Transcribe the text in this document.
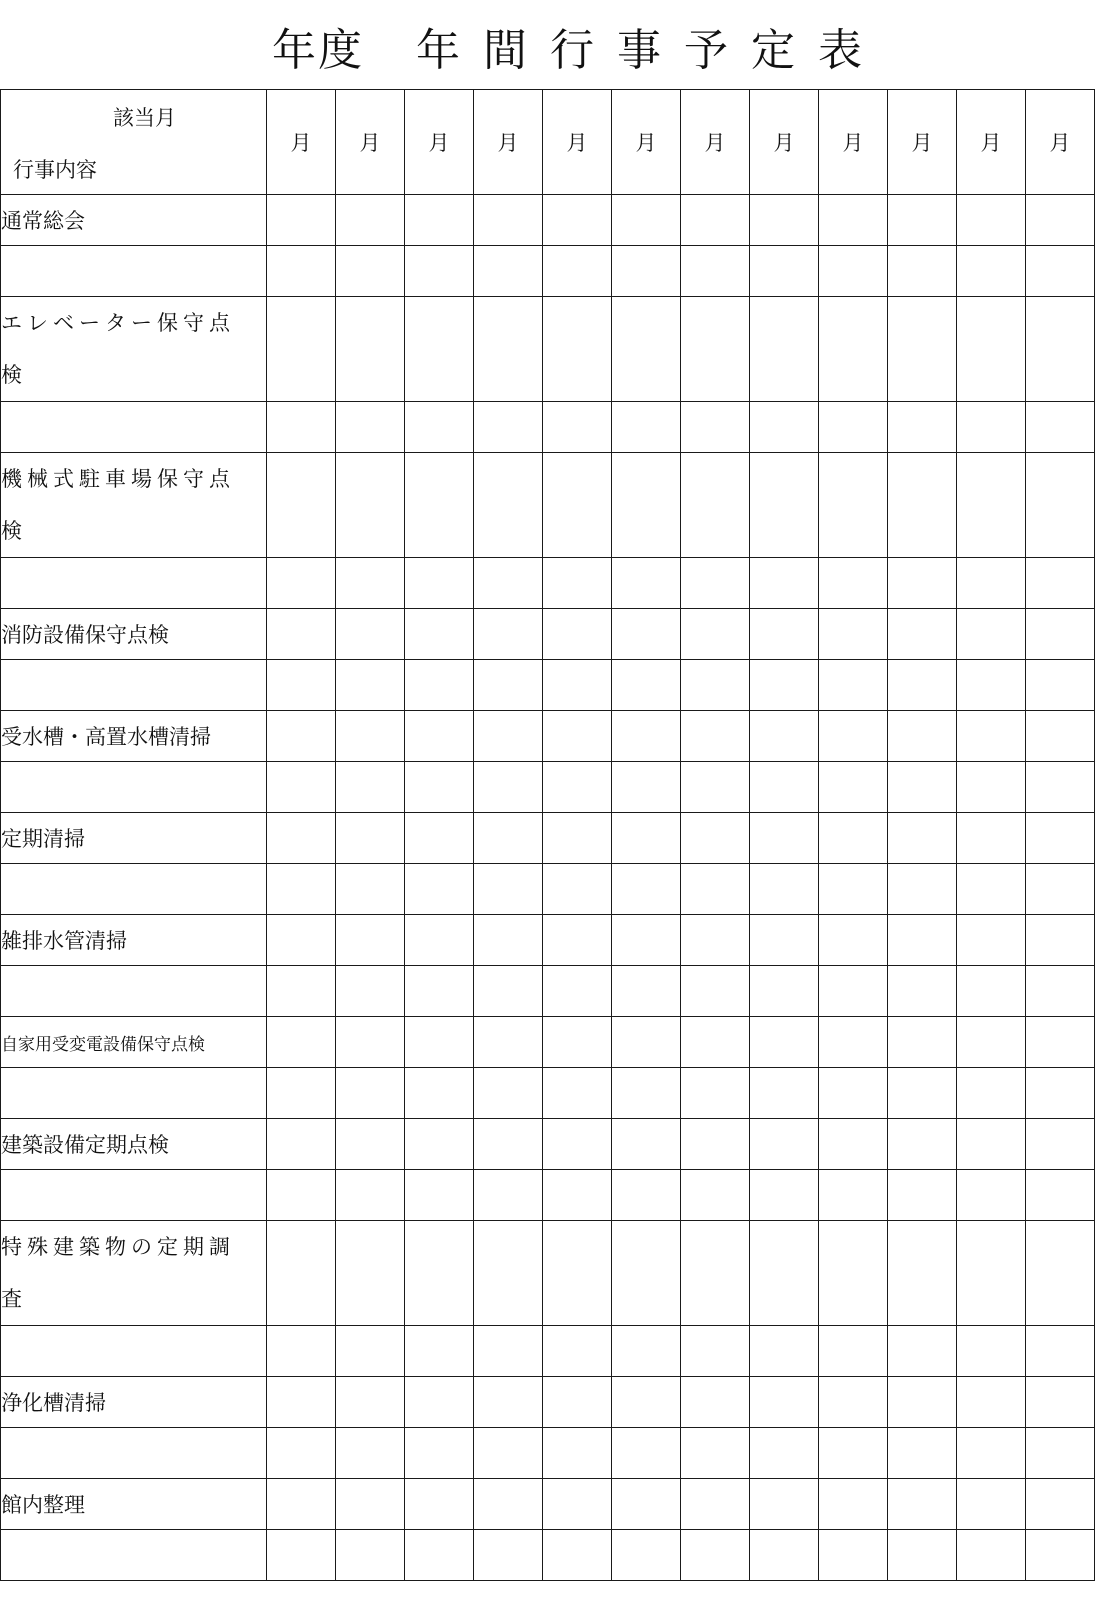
年度 年間行事予定表
該当月
行事内容	月	月	月	月	月	月	月	月	月	月	月	月
通常総会												

エレベーター保守点検												

機械式駐車場保守点検												

消防設備保守点検												

受水槽・高置水槽清掃												

定期清掃												

雑排水管清掃												

自家用受変電設備保守点検												

建築設備定期点検												

特殊建築物の定期調査												

浄化槽清掃												

館内整理												
